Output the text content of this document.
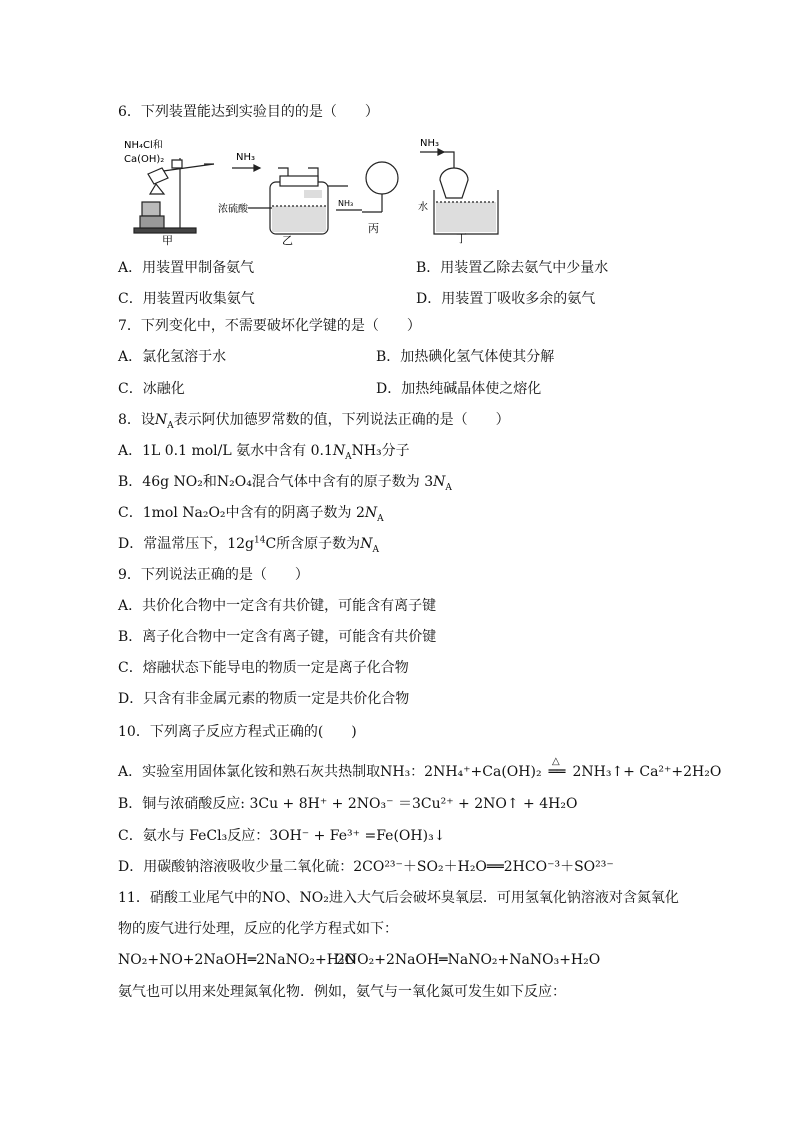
6．下列装置能达到实验目的的是（　　）
NH₄Cl和
Ca(OH)₂
甲
NH₃
浓硫酸
乙
NH₃
丙
NH₃
水
丁
A．用装置甲制备氨气	B．用装置乙除去氨气中少量水
C．用装置丙收集氨气	D．用装置丁吸收多余的氨气
7．下列变化中，不需要破坏化学键的是（　　）
A．氯化氢溶于水	B．加热碘化氢气体使其分解
C．冰融化	D．加热纯碱晶体使之熔化
8．设$N_A$表示阿伏加德罗常数的值，下列说法正确的是（　　）
A．1L 0.1 mol/L 氨水中含有 $0.1N_ANH_3$分子
B．46g NO₂和N₂O₄混合气体中含有的原子数为 $3N_A$
C．1mol Na₂O₂中含有的阴离子数为 $2N_A$
D．常温常压下，$12g^{14}C$所含原子数为$N_A$
9．下列说法正确的是（　　）
A．共价化合物中一定含有共价键，可能含有离子键
B．离子化合物中一定含有离子键，可能含有共价键
C．熔融状态下能导电的物质一定是离子化合物
D．只含有非金属元素的物质一定是共价化合物
10．下列离子反应方程式正确的(　　)
A．实验室用固体氯化铵和熟石灰共热制取NH₃：2NH₄⁺+Ca(OH)₂
△
══ 2NH₃↑+ Ca²⁺+2H₂O
B．铜与浓硝酸反应: 3Cu + 8H⁺ + 2NO₃⁻ ＝3Cu²⁺ + 2NO↑ + 4H₂O
C．氨水与 FeCl₃反应：3OH⁻ + Fe³⁺ =Fe(OH)₃↓
D．用碳酸钠溶液吸收少量二氧化硫：2CO²³⁻＋SO₂＋H₂O══2HCO⁻³＋SO²³⁻
11．硝酸工业尾气中的NO、NO₂进入大气后会破坏臭氧层．可用氢氧化钠溶液对含氮氧化
物的废气进行处理，反应的化学方程式如下：
NO₂+NO+2NaOH═2NaNO₂+H₂O
2NO₂+2NaOH═NaNO₂+NaNO₃+H₂O
氨气也可以用来处理氮氧化物．例如，氨气与一氧化氮可发生如下反应：
